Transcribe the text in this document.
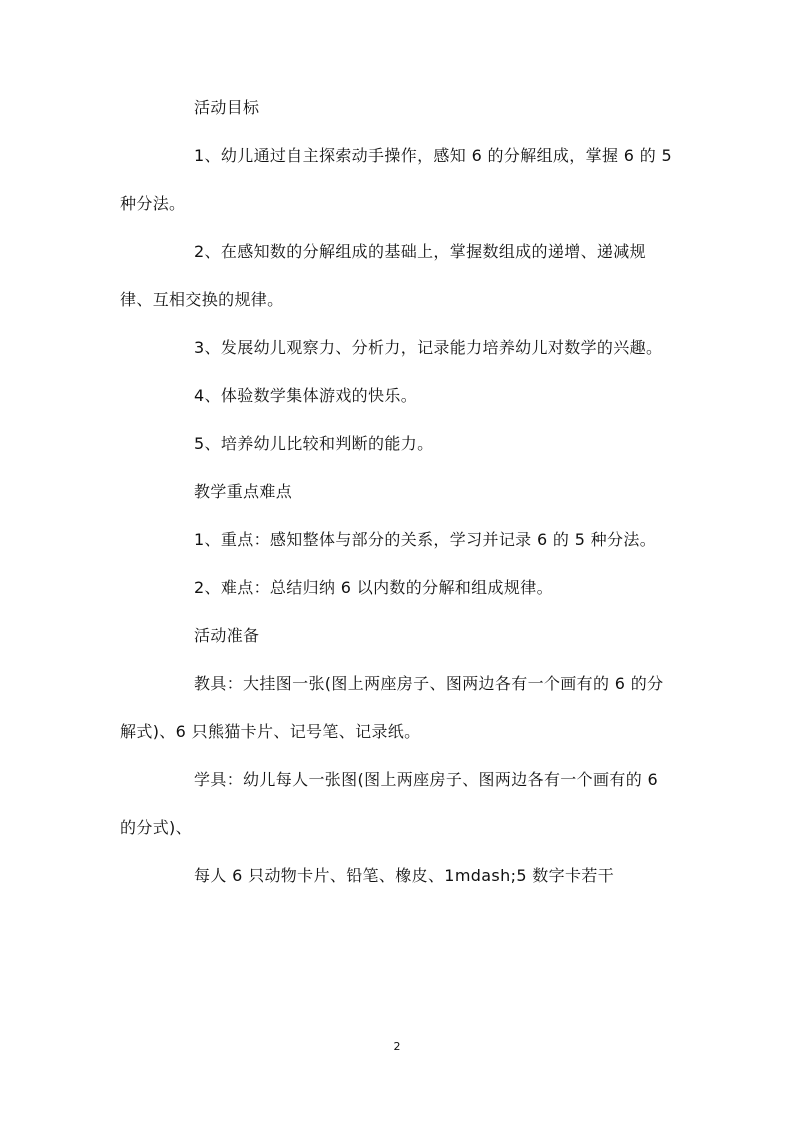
活动目标

1、幼儿通过自主探索动手操作，感知 6 的分解组成，掌握 6 的 5 种分法。

2、在感知数的分解组成的基础上，掌握数组成的递增、递减规律、互相交换的规律。

3、发展幼儿观察力、分析力，记录能力培养幼儿对数学的兴趣。

4、体验数学集体游戏的快乐。

5、培养幼儿比较和判断的能力。

教学重点难点

1、重点：感知整体与部分的关系，学习并记录 6 的 5 种分法。

2、难点：总结归纳 6 以内数的分解和组成规律。

活动准备

教具：大挂图一张(图上两座房子、图两边各有一个画有的 6 的分解式)、6 只熊猫卡片、记号笔、记录纸。

学具：幼儿每人一张图(图上两座房子、图两边各有一个画有的 6 的分式)、

每人 6 只动物卡片、铅笔、橡皮、1mdash;5 数字卡若干

2
